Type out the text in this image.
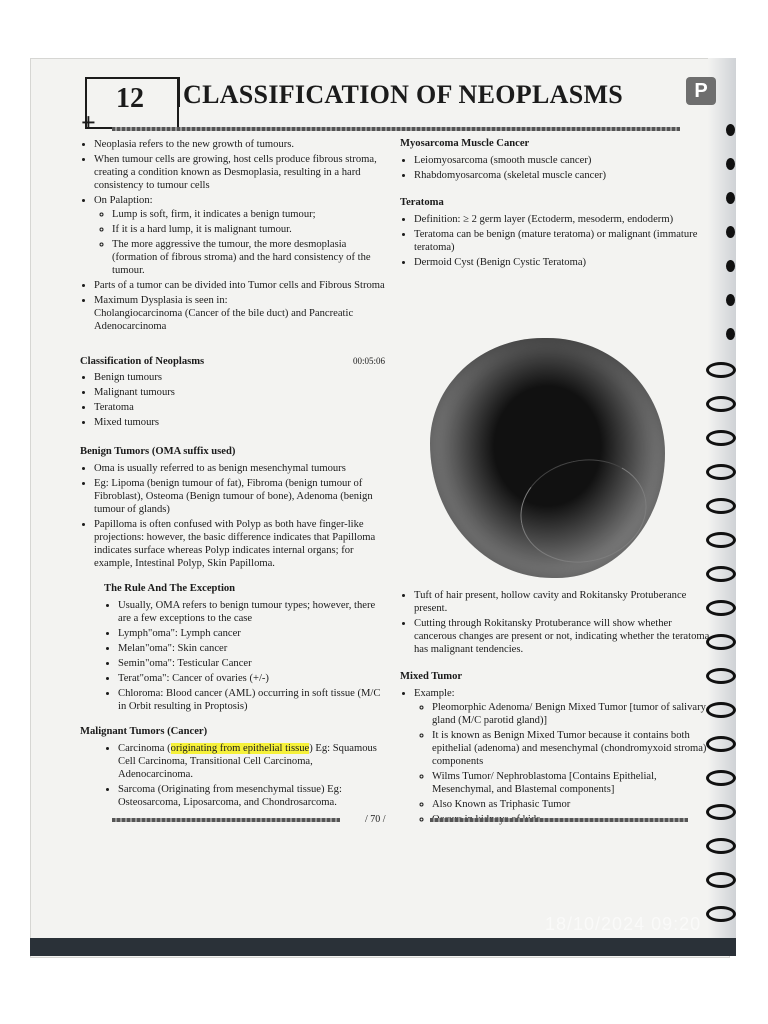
12 CLASSIFICATION OF NEOPLASMS
+
P
• Neoplasia refers to the new growth of tumours.
• When tumour cells are growing, host cells produce fibrous stroma, creating a condition known as Desmoplasia, resulting in a hard consistency to tumour cells
• On Palaption:
◦ Lump is soft, firm, it indicates a benign tumour;
◦ If it is a hard lump, it is malignant tumour.
◦ The more aggressive the tumour, the more desmoplasia (formation of fibrous stroma) and the hard consistency of the tumour.
• Parts of a tumor can be divided into Tumor cells and Fibrous Stroma
• Maximum Dysplasia is seen in:
Cholangiocarcinoma (Cancer of the bile duct) and Pancreatic Adenocarcinoma
Classification of Neoplasms	00:05:06
• Benign tumours
• Malignant tumours
• Teratoma
• Mixed tumours
Benign Tumors (OMA suffix used)
• Oma is usually referred to as benign mesenchymal tumours
• Eg: Lipoma (benign tumour of fat), Fibroma (benign tumour of Fibroblast), Osteoma (Benign tumour of bone), Adenoma (benign tumour of glands)
• Papilloma is often confused with Polyp as both have finger-like projections: however, the basic difference indicates that Papilloma indicates surface whereas Polyp indicates internal organs; for example, Intestinal Polyp, Skin Papilloma.
The Rule And The Exception
• Usually, OMA refers to benign tumour types; however, there are a few exceptions to the case
• Lymph"oma": Lymph cancer
• Melan"oma": Skin cancer
• Semin"oma": Testicular Cancer
• Terat"oma": Cancer of ovaries (+/-)
• Chloroma: Blood cancer (AML) occurring in soft tissue (M/C in Orbit resulting in Proptosis)
Malignant Tumors (Cancer)
• Carcinoma (originating from epithelial tissue) Eg: Squamous Cell Carcinoma, Transitional Cell Carcinoma, Adenocarcinoma.
• Sarcoma (Originating from mesenchymal tissue) Eg: Osteosarcoma, Liposarcoma, and Chondrosarcoma.
Myosarcoma Muscle Cancer
• Leiomyosarcoma (smooth muscle cancer)
• Rhabdomyosarcoma (skeletal muscle cancer)
Teratoma
• Definition: ≥ 2 germ layer (Ectoderm, mesoderm, endoderm)
• Teratoma can be benign (mature teratoma) or malignant (immature teratoma)
• Dermoid Cyst (Benign Cystic Teratoma)
• Tuft of hair present, hollow cavity and Rokitansky Protuberance present.
• Cutting through Rokitansky Protuberance will show whether cancerous changes are present or not, indicating whether the teratoma has malignant tendencies.
Mixed Tumor
• Example:
◦ Pleomorphic Adenoma/ Benign Mixed Tumor [tumor of salivary gland (M/C parotid gland)]
◦ It is known as Benign Mixed Tumor because it contains both epithelial (adenoma) and mesenchymal (chondromyxoid stroma) components
◦ Wilms Tumor/ Nephroblastoma [Contains Epithelial, Mesenchymal, and Blastemal components]
◦ Also Known as Triphasic Tumor
◦
/ 70 /
18/10/2024 09:20
